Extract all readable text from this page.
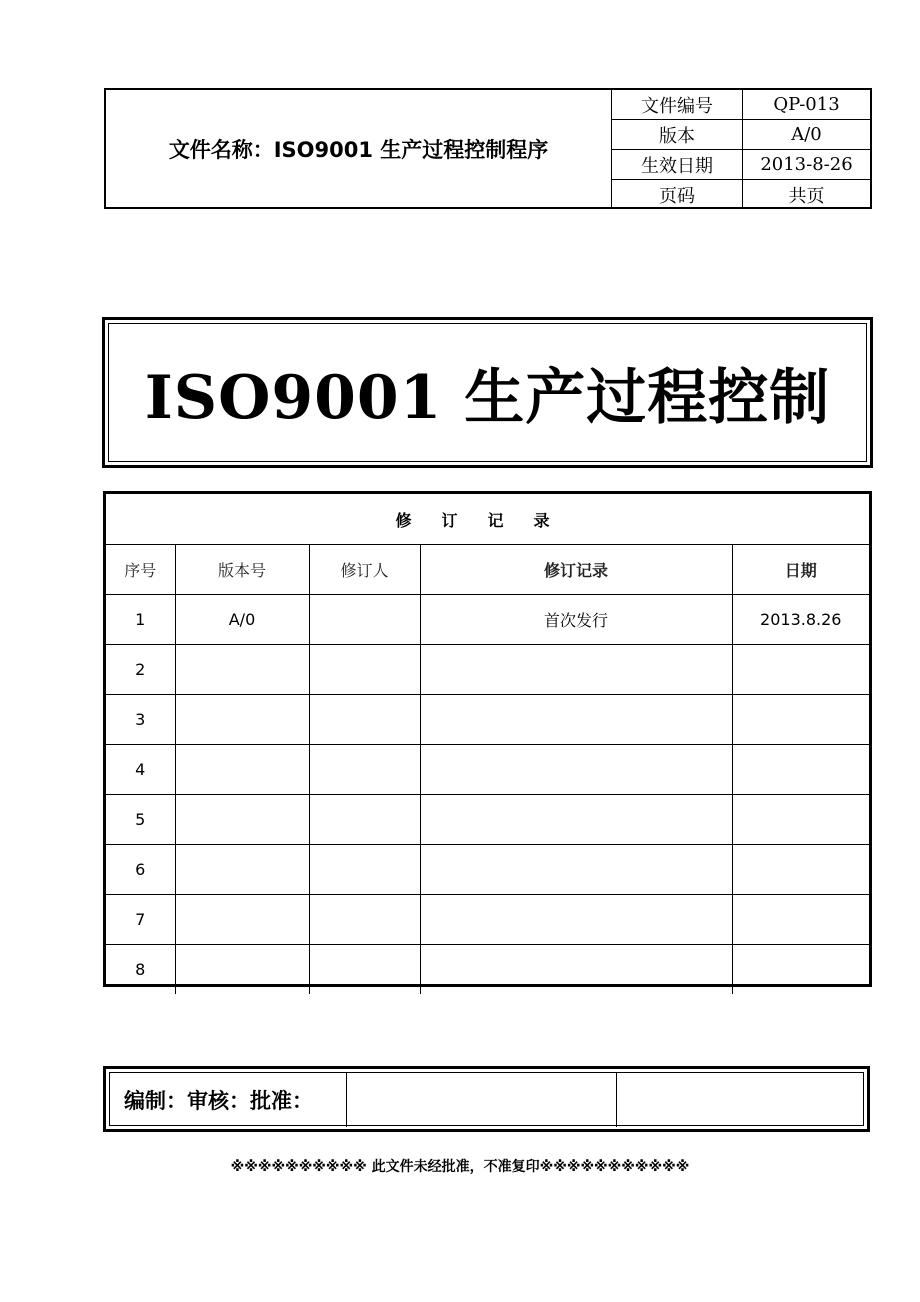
文件名称：ISO9001 生产过程控制程序
文件编号	QP-013
版本	A/0
生效日期	2013-8-26
页码	共页
ISO9001 生产过程控制
修订记录				
序号	版本号	修订人	修订记录	日期
1	A/0		首次发行	2013.8.26
2				
3				
4				
5				
6				
7				
8				
编制：审核：批准：
※※※※※※※※※※ 此文件未经批准，不准复印※※※※※※※※※※※
